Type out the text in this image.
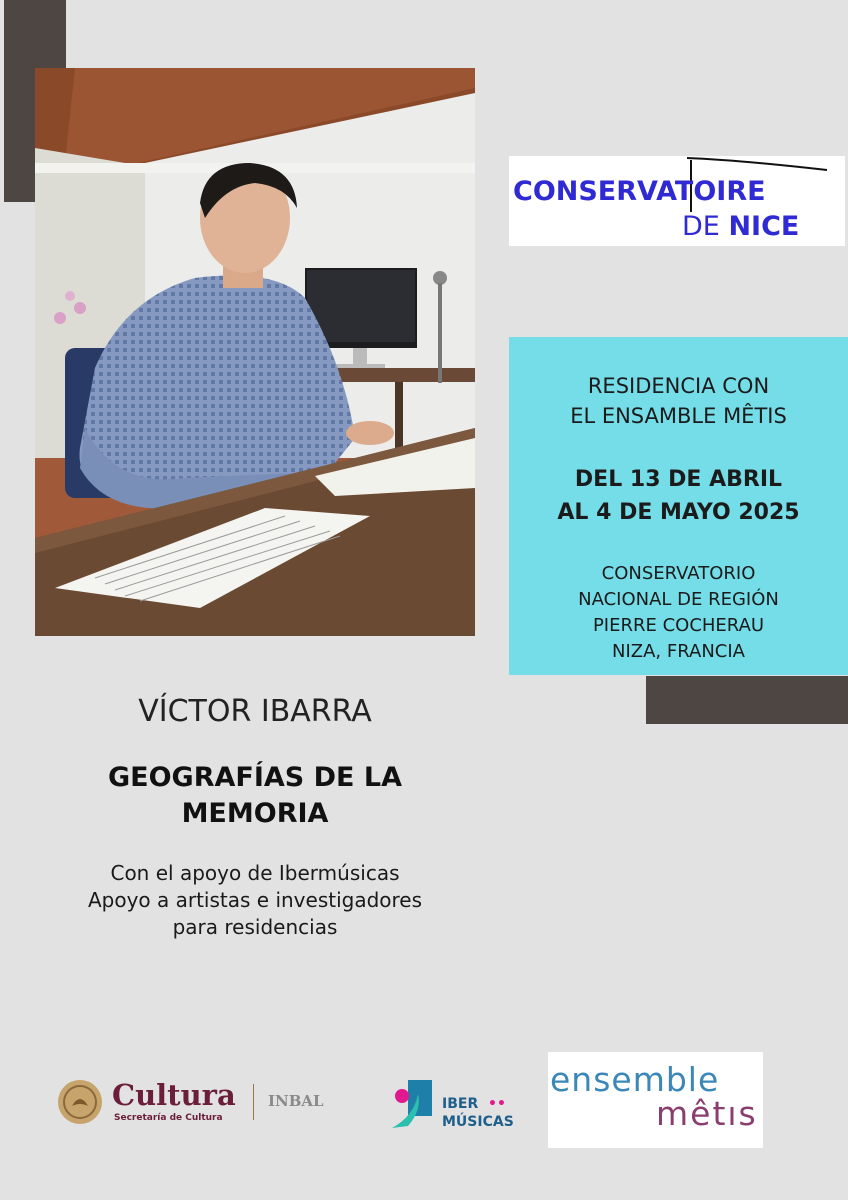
CONSERVATOIRE
DE NICE
RESIDENCIA CON
EL ENSAMBLE MÊTIS
DEL 13 DE ABRIL
AL 4 DE MAYO 2025
CONSERVATORIO
NACIONAL DE REGIÓN
PIERRE COCHERAU
NIZA, FRANCIA
VÍCTOR IBARRA
GEOGRAFÍAS DE LA
MEMORIA
Con el apoyo de Ibermúsicas
Apoyo a artistas e investigadores
para residencias
Cultura
Secretaría de Cultura
INBAL	IBER ••
MÚSICAS
ensemble
mêtıs
